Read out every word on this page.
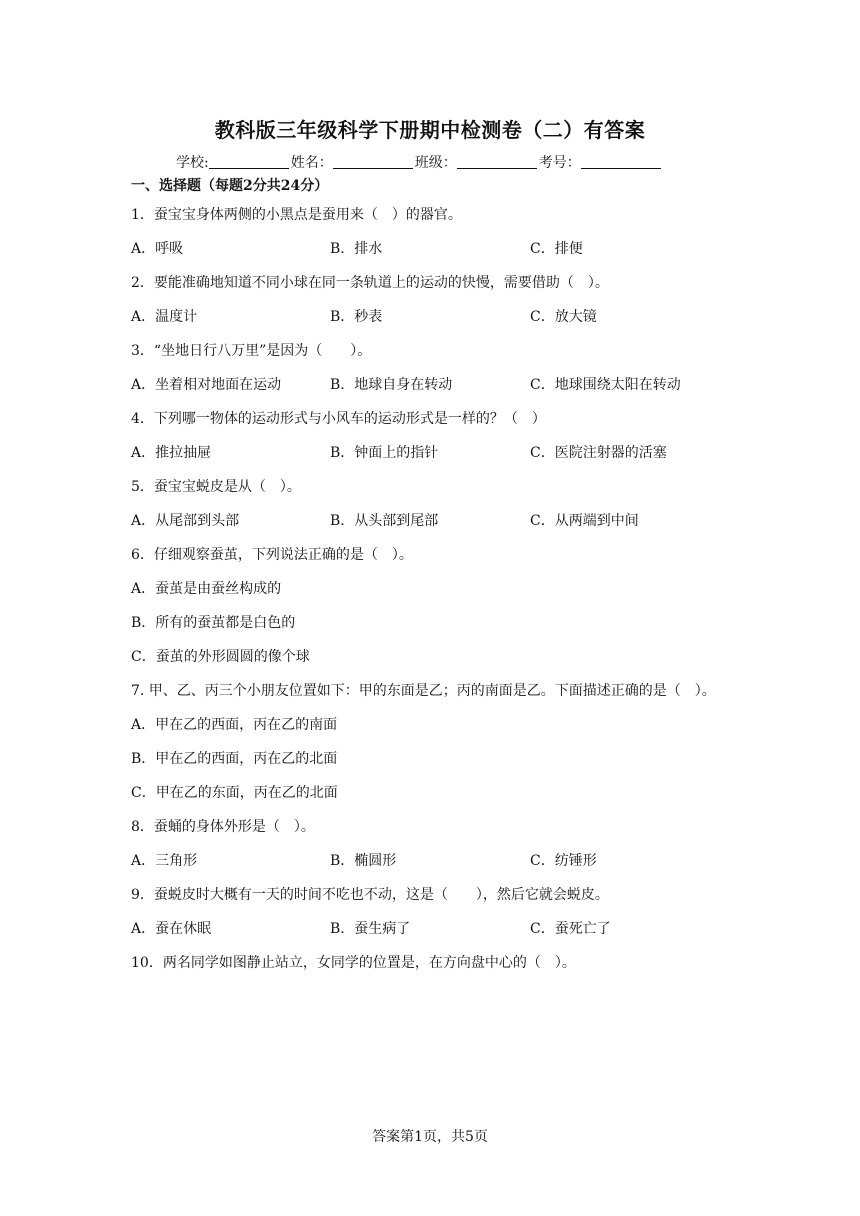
教科版三年级科学下册期中检测卷（二）有答案
学校:	姓名：	班级：	考号：
一、选择题（每题2分共24分）
1．蚕宝宝身体两侧的小黑点是蚕用来（　）的器官。
A．呼吸	B．排水	C．排便
2．要能准确地知道不同小球在同一条轨道上的运动的快慢，需要借助（　）。
A．温度计	B．秒表	C．放大镜
3．“坐地日行八万里”是因为（　　）。
A．坐着相对地面在运动	B．地球自身在转动	C．地球围绕太阳在转动
4．下列哪一物体的运动形式与小风车的运动形式是一样的？（　）
A．推拉抽屉	B．钟面上的指针	C．医院注射器的活塞
5．蚕宝宝蜕皮是从（　）。
A．从尾部到头部	B．从头部到尾部	C．从两端到中间
6．仔细观察蚕茧，下列说法正确的是（　）。
A．蚕茧是由蚕丝构成的
B．所有的蚕茧都是白色的
C．蚕茧的外形圆圆的像个球
7. 甲、乙、丙三个小朋友位置如下：甲的东面是乙；丙的南面是乙。下面描述正确的是（　）。
A．甲在乙的西面，丙在乙的南面
B．甲在乙的西面，丙在乙的北面
C．甲在乙的东面，丙在乙的北面
8．蚕蛹的身体外形是（　）。
A．三角形	B．椭圆形	C．纺锤形
9．蚕蜕皮时大概有一天的时间不吃也不动，这是（　　），然后它就会蜕皮。
A．蚕在休眠	B．蚕生病了	C．蚕死亡了
10．两名同学如图静止站立，女同学的位置是，在方向盘中心的（　）。
答案第1页，共5页
